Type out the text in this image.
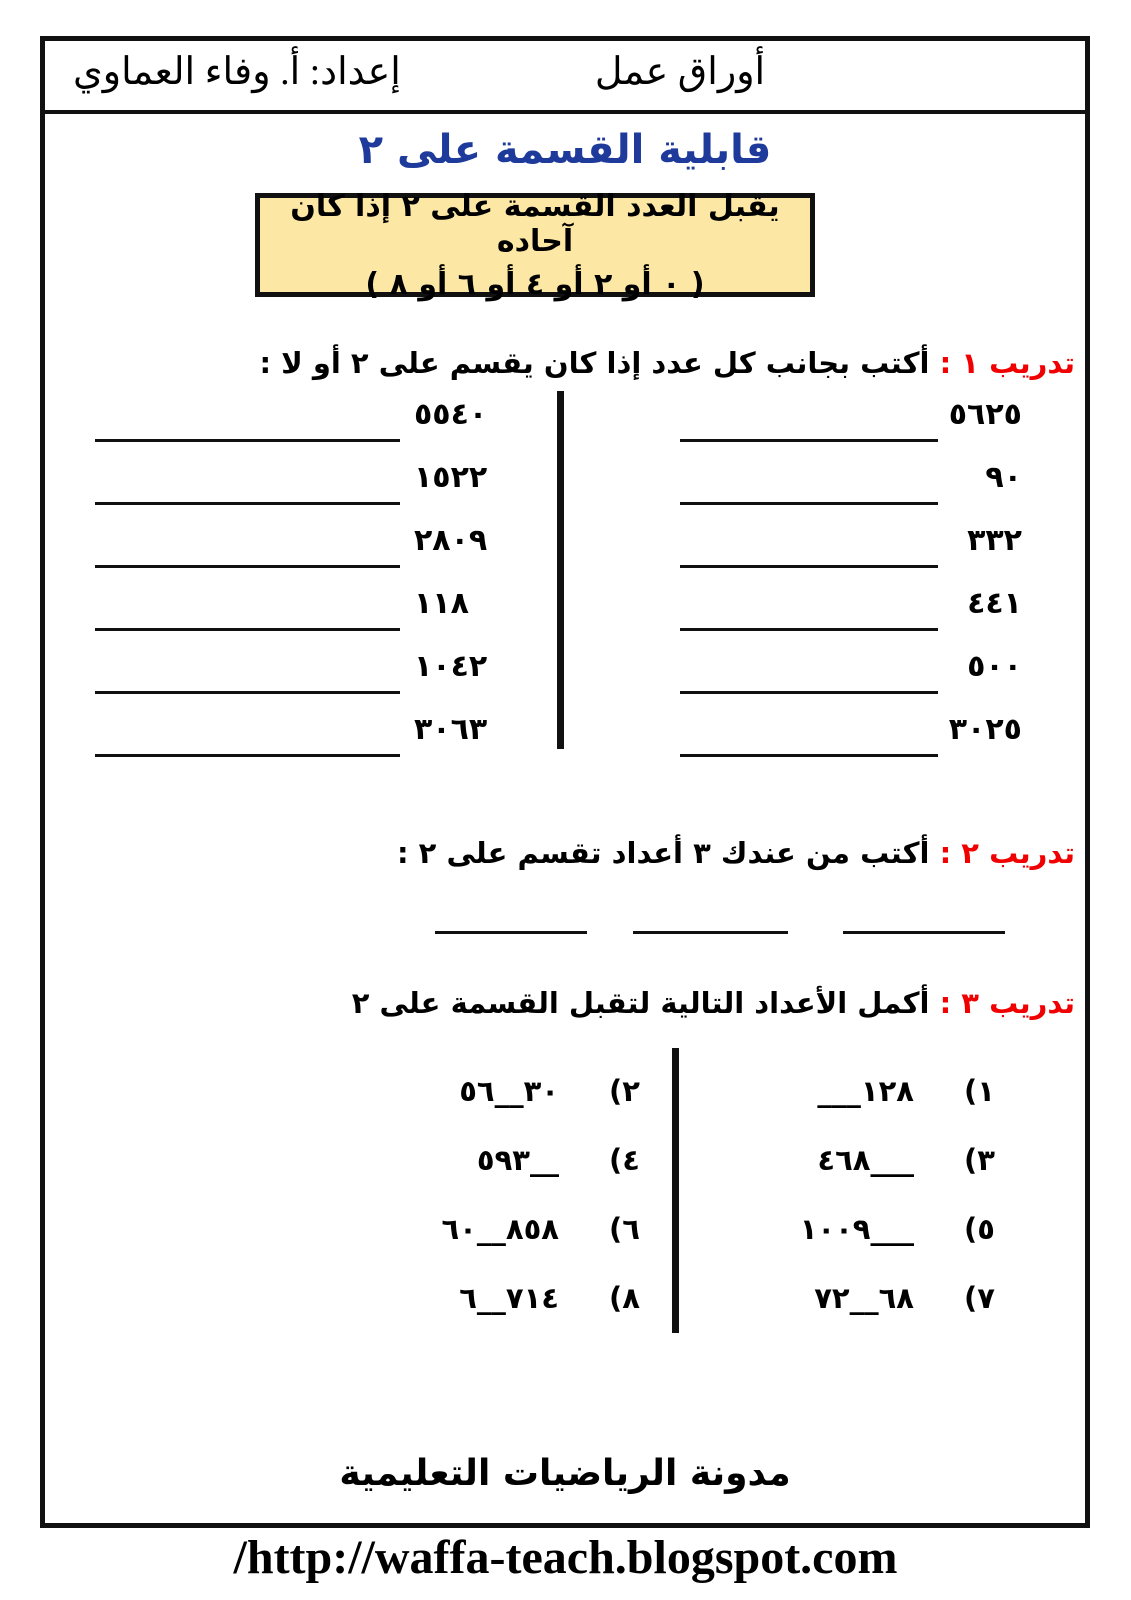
أوراق عمل
إعداد: أ. وفاء العماوي
قابلية القسمة على ٢
يقبل العدد القسمة على ٢ إذا كان آحاده
( ٠ أو ٢ أو ٤ أو ٦ أو ٨ )
تدريب ١ : أكتب بجانب كل عدد إذا كان يقسم على ٢ أو لا :
٥٦٢٥
٩٠
٣٣٢
٤٤١
٥٠٠
٣٠٢٥
٥٥٤٠
١٥٢٢
٢٨٠٩
١١٨
١٠٤٢
٣٠٦٣
تدريب ٢ : أكتب من عندك ٣ أعداد تقسم على ٢ :
تدريب ٣ : أكمل الأعداد التالية لتقبل القسمة على ٢
___١٢٨ (١
٤٦٨___ (٣
١٠٠٩___ (٥
٧٢__٦٨ (٧
٥٦__٣٠ (٢
٥٩٣__ (٤
٦٠__٨٥٨ (٦
٦__٧١٤ (٨
مدونة الرياضيات التعليمية
/http://waffa-teach.blogspot.com
